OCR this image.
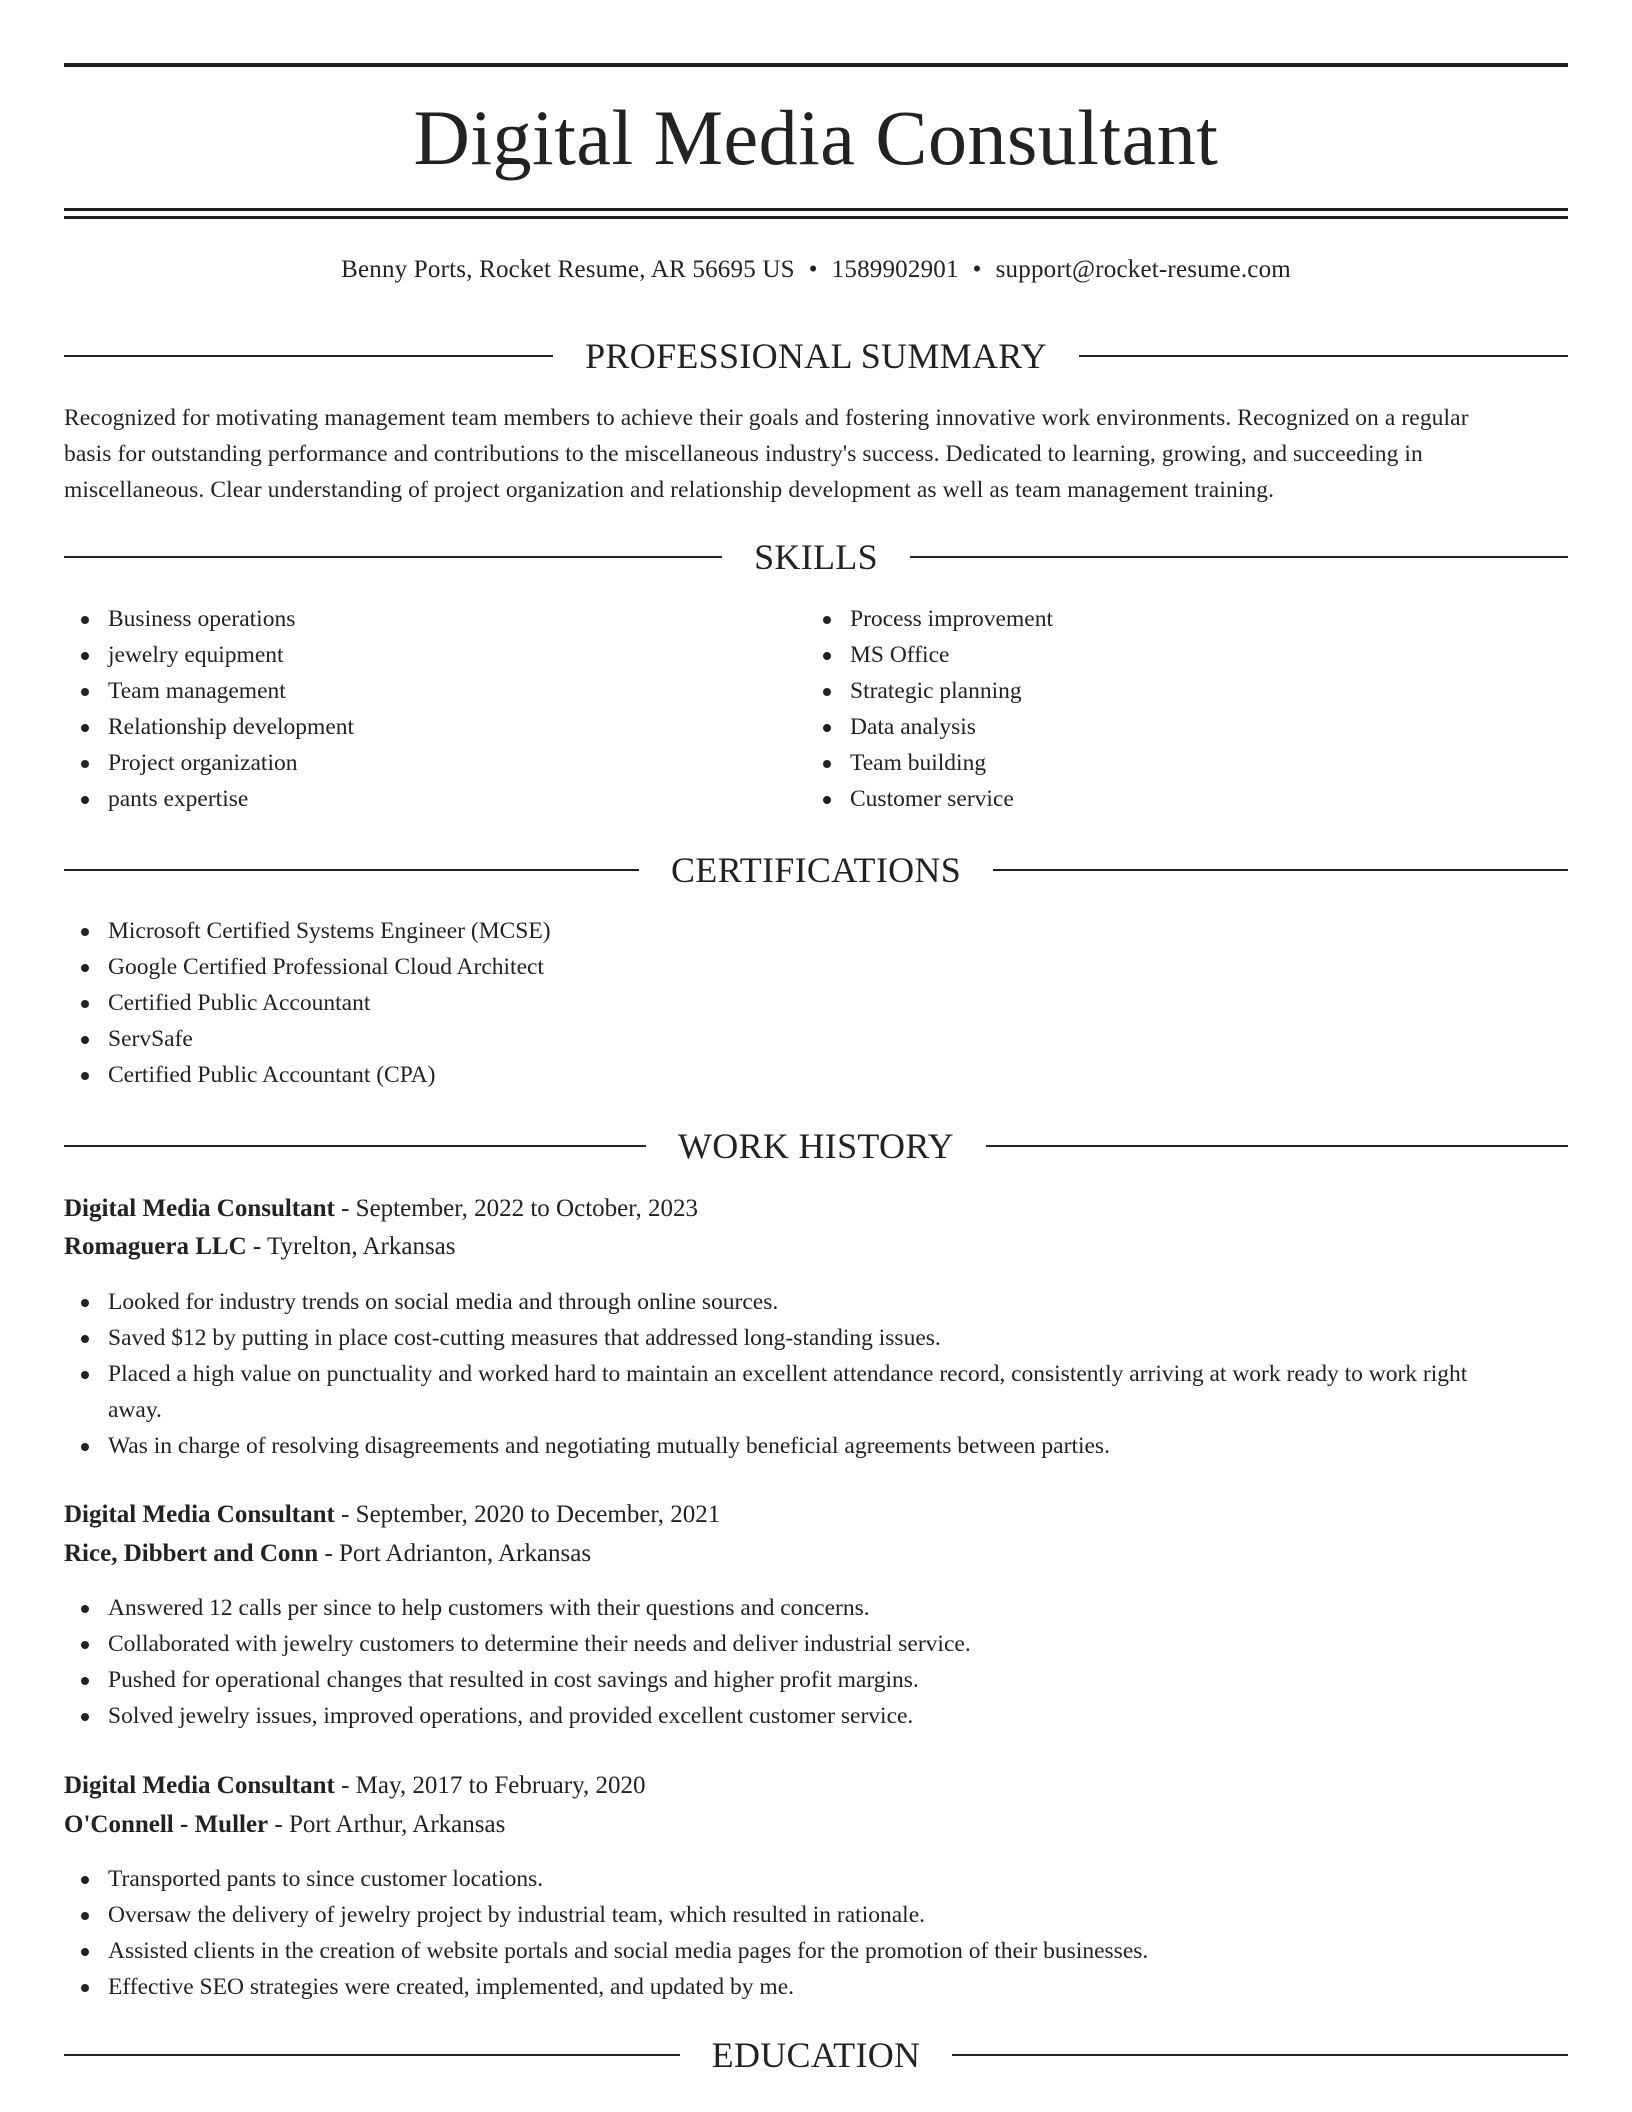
Digital Media Consultant
Benny Ports, Rocket Resume, AR 56695 US • 1589902901 • support@rocket-resume.com
PROFESSIONAL SUMMARY
Recognized for motivating management team members to achieve their goals and fostering innovative work environments. Recognized on a regular
basis for outstanding performance and contributions to the miscellaneous industry's success. Dedicated to learning, growing, and succeeding in
miscellaneous. Clear understanding of project organization and relationship development as well as team management training.
SKILLS
Business operations
jewelry equipment
Team management
Relationship development
Project organization
pants expertise
Process improvement
MS Office
Strategic planning
Data analysis
Team building
Customer service
CERTIFICATIONS
Microsoft Certified Systems Engineer (MCSE)
Google Certified Professional Cloud Architect
Certified Public Accountant
ServSafe
Certified Public Accountant (CPA)
WORK HISTORY
Digital Media Consultant - September, 2022 to October, 2023
Romaguera LLC - Tyrelton, Arkansas
Looked for industry trends on social media and through online sources.
Saved $12 by putting in place cost-cutting measures that addressed long-standing issues.
Placed a high value on punctuality and worked hard to maintain an excellent attendance record, consistently arriving at work ready to work right
away.
Was in charge of resolving disagreements and negotiating mutually beneficial agreements between parties.
Digital Media Consultant - September, 2020 to December, 2021
Rice, Dibbert and Conn - Port Adrianton, Arkansas
Answered 12 calls per since to help customers with their questions and concerns.
Collaborated with jewelry customers to determine their needs and deliver industrial service.
Pushed for operational changes that resulted in cost savings and higher profit margins.
Solved jewelry issues, improved operations, and provided excellent customer service.
Digital Media Consultant - May, 2017 to February, 2020
O'Connell - Muller - Port Arthur, Arkansas
Transported pants to since customer locations.
Oversaw the delivery of jewelry project by industrial team, which resulted in rationale.
Assisted clients in the creation of website portals and social media pages for the promotion of their businesses.
Effective SEO strategies were created, implemented, and updated by me.
EDUCATION
